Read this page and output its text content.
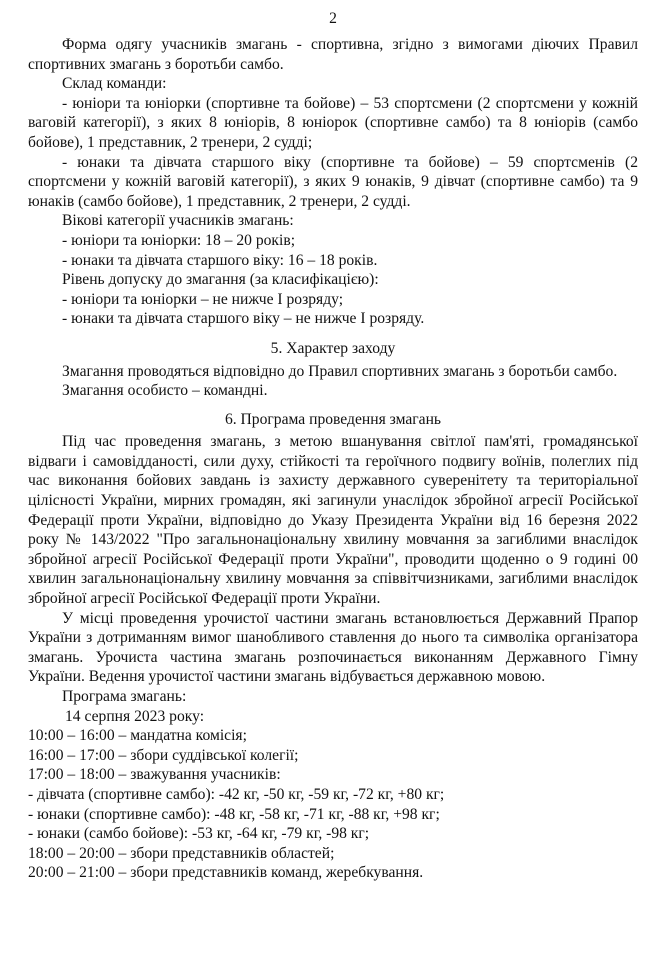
2

Форма одягу учасників змагань - спортивна, згідно з вимогами діючих Правил спортивних змагань з боротьби самбо.

Склад команди:

- юніори та юніорки (спортивне та бойове) – 53 спортсмени (2 спортсмени у кожній ваговій категорії), з яких 8 юніорів, 8 юніорок (спортивне самбо) та 8 юніорів (самбо бойове), 1 представник, 2 тренери, 2 судді;

- юнаки та дівчата старшого віку (спортивне та бойове) – 59 спортсменів (2 спортсмени у кожній ваговій категорії), з яких 9 юнаків, 9 дівчат (спортивне самбо) та 9 юнаків (самбо бойове), 1 представник, 2 тренери, 2 судді.

Вікові категорії учасників змагань:

- юніори та юніорки: 18 – 20 років;

- юнаки та дівчата старшого віку: 16 – 18 років.

Рівень допуску до змагання (за класифікацією):

- юніори та юніорки – не нижче І розряду;

- юнаки та дівчата старшого віку – не нижче І розряду.

5. Характер заходу

Змагання проводяться відповідно до Правил спортивних змагань з боротьби самбо.

Змагання особисто – командні.

6. Програма проведення змагань

Під час проведення змагань, з метою вшанування світлої пам'яті, громадянської відваги і самовідданості, сили духу, стійкості та героїчного подвигу воїнів, полеглих під час виконання бойових завдань із захисту державного суверенітету та територіальної цілісності України, мирних громадян, які загинули унаслідок збройної агресії Російської Федерації проти України, відповідно до Указу Президента України від 16 березня 2022 року № 143/2022 "Про загальнонаціональну хвилину мовчання за загиблими внаслідок збройної агресії Російської Федерації проти України", проводити щоденно о 9 годині 00 хвилин загальнонаціональну хвилину мовчання за співвітчизниками, загиблими внаслідок збройної агресії Російської Федерації проти України.

У місці проведення урочистої частини змагань встановлюється Державний Прапор України з дотриманням вимог шанобливого ставлення до нього та символіка організатора змагань. Урочиста частина змагань розпочинається виконанням Державного Гімну України. Ведення урочистої частини змагань відбувається державною мовою.

Програма змагань:

14 серпня 2023 року:

10:00 – 16:00 – мандатна комісія;

16:00 – 17:00 – збори суддівської колегії;

17:00 – 18:00 – зважування учасників:

- дівчата (спортивне самбо): -42 кг, -50 кг, -59 кг, -72 кг, +80 кг;

- юнаки (спортивне самбо): -48 кг, -58 кг, -71 кг, -88 кг, +98 кг;

- юнаки (самбо бойове): -53 кг, -64 кг, -79 кг, -98 кг;

18:00 – 20:00 – збори представників областей;

20:00 – 21:00 – збори представників команд, жеребкування.
